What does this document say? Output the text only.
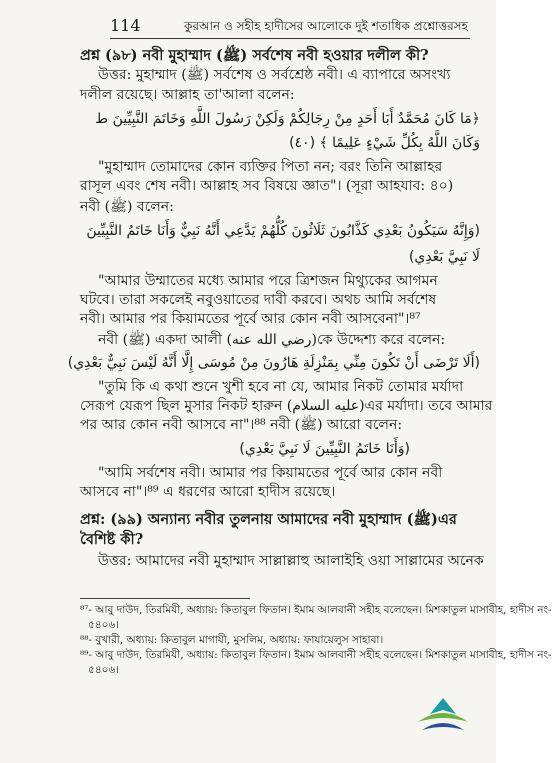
114	কুরআন ও সহীহ হাদীসের আলোকে দুই শতাধিক প্রশ্নোত্তরসহ
প্রশ্ন (৯৮) নবী মুহাম্মাদ (ﷺ) সর্বশেষ নবী হওয়ার দলীল কী?
উত্তর: মুহাম্মাদ (ﷺ) সর্বশেষ ও সর্বশ্রেষ্ঠ নবী। এ ব্যাপারে অসংখ্য
দলীল রয়েছে। আল্লাহ তা'আলা বলেন:
﴿مَا كَانَ مُحَمَّدٌ أَبَا أَحَدٍ مِنْ رِجَالِكُمْ وَلَكِنْ رَسُولَ اللَّهِ وَخَاتَمَ النَّبِيِّينَ ط
وَكَانَ اللَّهُ بِكُلِّ شَيْءٍ عَلِيمًا ﴾ (٤٠)
"মুহাম্মাদ তোমাদের কোন ব্যক্তির পিতা নন; বরং তিনি আল্লাহর
রাসূল এবং শেষ নবী। আল্লাহ সব বিষয়ে জ্ঞাত"। (সূরা আহযাব: ৪০)
নবী (ﷺ) বলেন:
(وَإِنَّهُ سَيَكُونُ بَعْدِي كَذَّابُونَ ثَلَاثُونَ كُلُّهُمْ يَدَّعِي أَنَّهُ نَبِيٌّ وَأَنَا خَاتَمُ النَّبِيِّينَ
لَا نَبِيَّ بَعْدِي)
"আমার উম্মাতের মধ্যে আমার পরে ত্রিশজন মিথ্যুকের আগমন
ঘটবে। তারা সকলেই নবুওয়াতের দাবী করবে। অথচ আমি সর্বশেষ
নবী। আমার পর কিয়ামতের পূর্বে আর কোন নবী আসবেনা"।⁸⁷
নবী (ﷺ) একদা আলী (رضي الله عنه)কে উদ্দেশ্য করে বলেন:
(أَلَا تَرْضَى أَنْ تَكُونَ مِنِّي بِمَنْزِلَةِ هَارُونَ مِنْ مُوسَى إِلَّا أَنَّهُ لَيْسَ نَبِيٌّ بَعْدِي)
"তুমি কি এ কথা শুনে খুশী হবে না যে, আমার নিকট তোমার মর্যাদা
সেরূপ যেরূপ ছিল মুসার নিকট হারুন (عليه السلام)এর মর্যাদা। তবে আমার
পর আর কোন নবী আসবে না"।⁸⁸ নবী (ﷺ) আরো বলেন:
(وَأَنَا خَاتَمُ النَّبِيِّينَ لَا نَبِيَّ بَعْدِي)
"আমি সর্বশেষ নবী। আমার পর কিয়ামতের পূর্বে আর কোন নবী
আসবে না"।⁸⁹ এ ধরণের আরো হাদীস রয়েছে।
প্রশ্ন: (৯৯) অন্যান্য নবীর তুলনায় আমাদের নবী মুহাম্মাদ (ﷺ)এর
বৈশিষ্ট কী?
উত্তর: আমাদের নবী মুহাম্মাদ সাল্লাল্লাহু আলাইহি ওয়া সাল্লামের অনেক
⁸⁷- আবু দাউদ, তিরমিযী, অধ্যায়: কিতাবুল ফিতান। ইমাম আলবানী সহীহ বলেছেন। মিশকাতুল মাসাবীহ, হাদীস নং-
৫৪০৬।
⁸⁸- বুখারী, অধ্যায়: কিতাবুল মাগাযী, মুসলিম, অধ্যায়: ফাযায়েলুস সাহাবা।
⁸⁹- আবু দাউদ, তিরমিযী, অধ্যায়: কিতাবুল ফিতান। ইমাম আলবানী সহীহ বলেছেন। মিশকাতুল মাসাবীহ, হাদীস নং-
৫৪০৬।
